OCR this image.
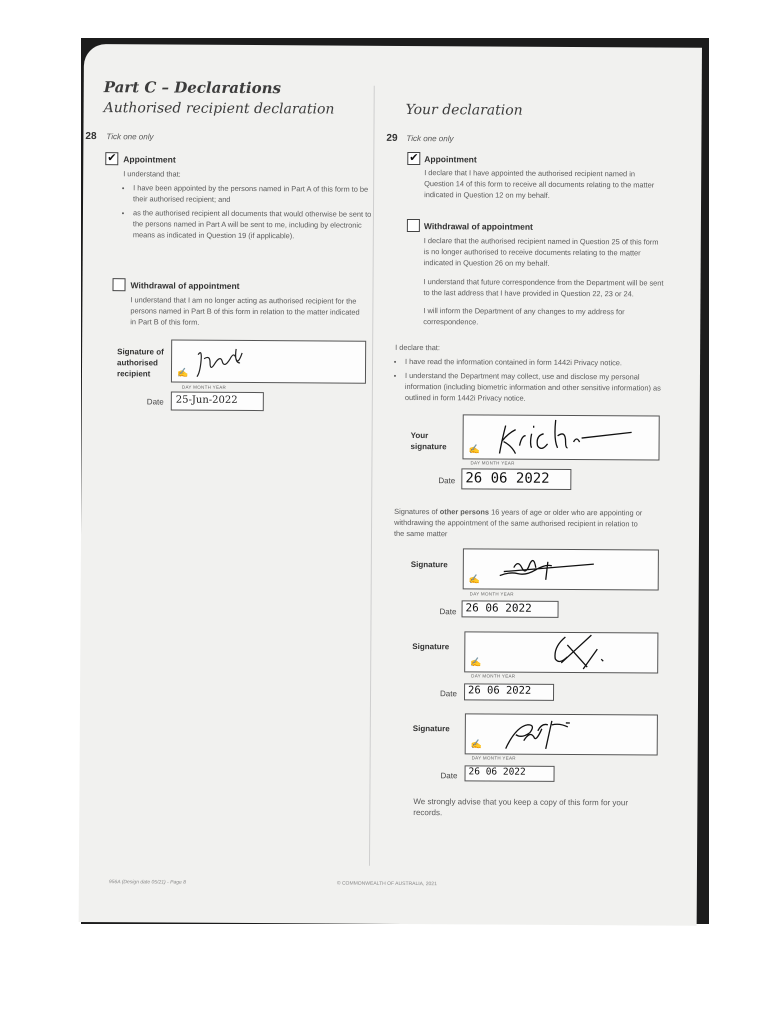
Part C – Declarations
Authorised recipient declaration
28 Tick one only
✔ Appointment
I understand that:
• I have been appointed by the persons named in Part A of this form to be their authorised recipient; and
• as the authorised recipient all documents that would otherwise be sent to the persons named in Part A will be sent to me, including by electronic means as indicated in Question 19 (if applicable).
Withdrawal of appointment
I understand that I am no longer acting as authorised recipient for the persons named in Part B of this form in relation to the matter indicated in Part B of this form.
Signature of authorised recipient	✍
DAY MONTH YEAR
Date 25-Jun-2022
Your declaration
29 Tick one only
✔ Appointment
I declare that I have appointed the authorised recipient named in Question 14 of this form to receive all documents relating to the matter indicated in Question 12 on my behalf.
Withdrawal of appointment
I declare that the authorised recipient named in Question 25 of this form is no longer authorised to receive documents relating to the matter indicated in Question 26 on my behalf.
I understand that future correspondence from the Department will be sent to the last address that I have provided in Question 22, 23 or 24.
I will inform the Department of any changes to my address for correspondence.
I declare that:
• I have read the information contained in form 1442i Privacy notice.
• I understand the Department may collect, use and disclose my personal information (including biometric information and other sensitive information) as outlined in form 1442i Privacy notice.
Your signature	✍
DAY MONTH YEAR
Date 26 06 2022
Signatures of other persons 16 years of age or older who are appointing or withdrawing the appointment of the same authorised recipient in relation to the same matter
Signature
✍
DAY MONTH YEAR
Date 26 06 2022
Signature
✍
DAY MONTH YEAR
Date 26 06 2022
Signature
✍
DAY MONTH YEAR
Date 26 06 2022
We strongly advise that you keep a copy of this form for your records.
956A (Design date 05/21) - Page 8	© COMMONWEALTH OF AUSTRALIA, 2021
